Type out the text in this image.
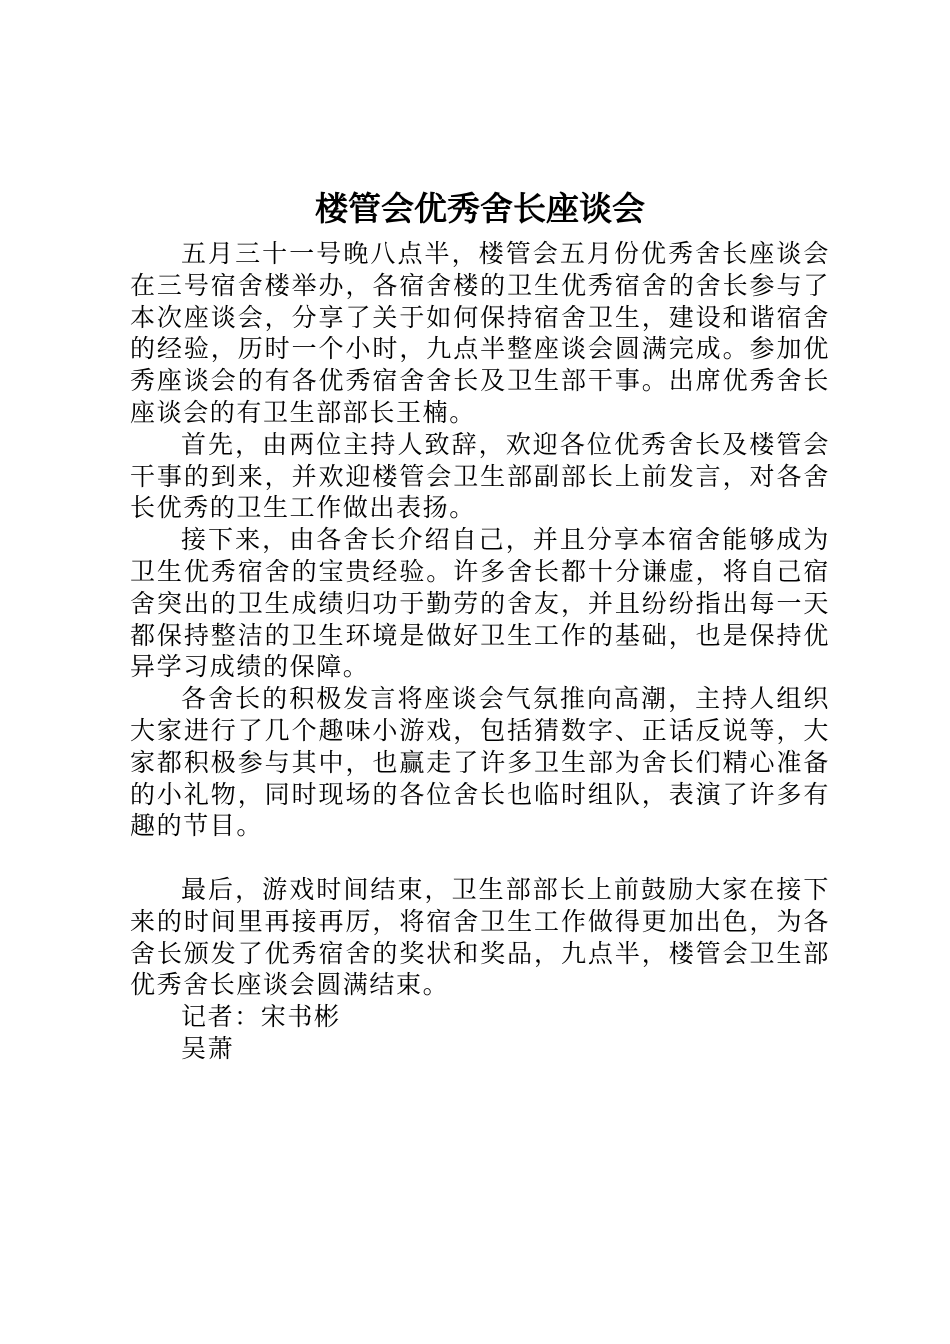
楼管会优秀舍长座谈会

五月三十一号晚八点半，楼管会五月份优秀舍长座谈会在三号宿舍楼举办，各宿舍楼的卫生优秀宿舍的舍长参与了本次座谈会，分享了关于如何保持宿舍卫生，建设和谐宿舍的经验，历时一个小时，九点半整座谈会圆满完成。参加优秀座谈会的有各优秀宿舍舍长及卫生部干事。出席优秀舍长座谈会的有卫生部部长王楠。

首先，由两位主持人致辞，欢迎各位优秀舍长及楼管会干事的到来，并欢迎楼管会卫生部副部长上前发言，对各舍长优秀的卫生工作做出表扬。

接下来，由各舍长介绍自己，并且分享本宿舍能够成为卫生优秀宿舍的宝贵经验。许多舍长都十分谦虚，将自己宿舍突出的卫生成绩归功于勤劳的舍友，并且纷纷指出每一天都保持整洁的卫生环境是做好卫生工作的基础，也是保持优异学习成绩的保障。

各舍长的积极发言将座谈会气氛推向高潮，主持人组织大家进行了几个趣味小游戏，包括猜数字、正话反说等，大家都积极参与其中，也赢走了许多卫生部为舍长们精心准备的小礼物，同时现场的各位舍长也临时组队，表演了许多有趣的节目。

最后，游戏时间结束，卫生部部长上前鼓励大家在接下来的时间里再接再厉，将宿舍卫生工作做得更加出色，为各舍长颁发了优秀宿舍的奖状和奖品，九点半，楼管会卫生部优秀舍长座谈会圆满结束。

记者：宋书彬

吴萧
